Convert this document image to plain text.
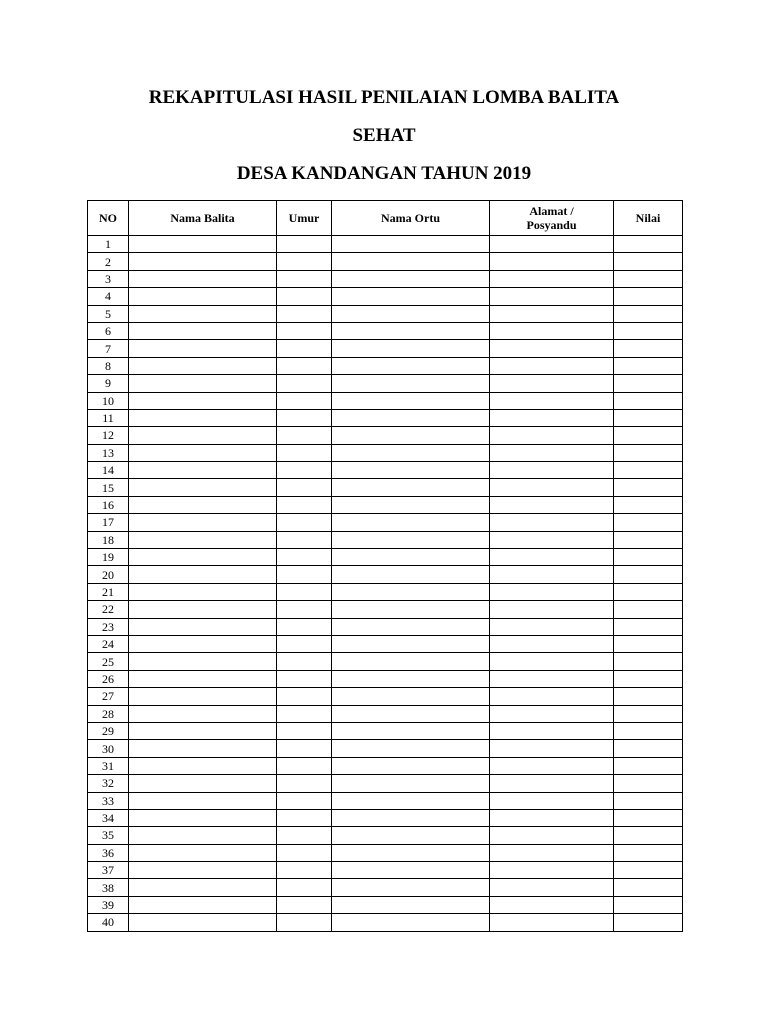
REKAPITULASI HASIL PENILAIAN LOMBA BALITA
SEHAT
DESA KANDANGAN TAHUN 2019
NO	Nama Balita	Umur	Nama Ortu	Alamat /
Posyandu	Nilai
1					
2					
3					
4					
5					
6					
7					
8					
9					
10					
11					
12					
13					
14					
15					
16					
17					
18					
19					
20					
21					
22					
23					
24					
25					
26					
27					
28					
29					
30					
31					
32					
33					
34					
35					
36					
37					
38					
39					
40					
